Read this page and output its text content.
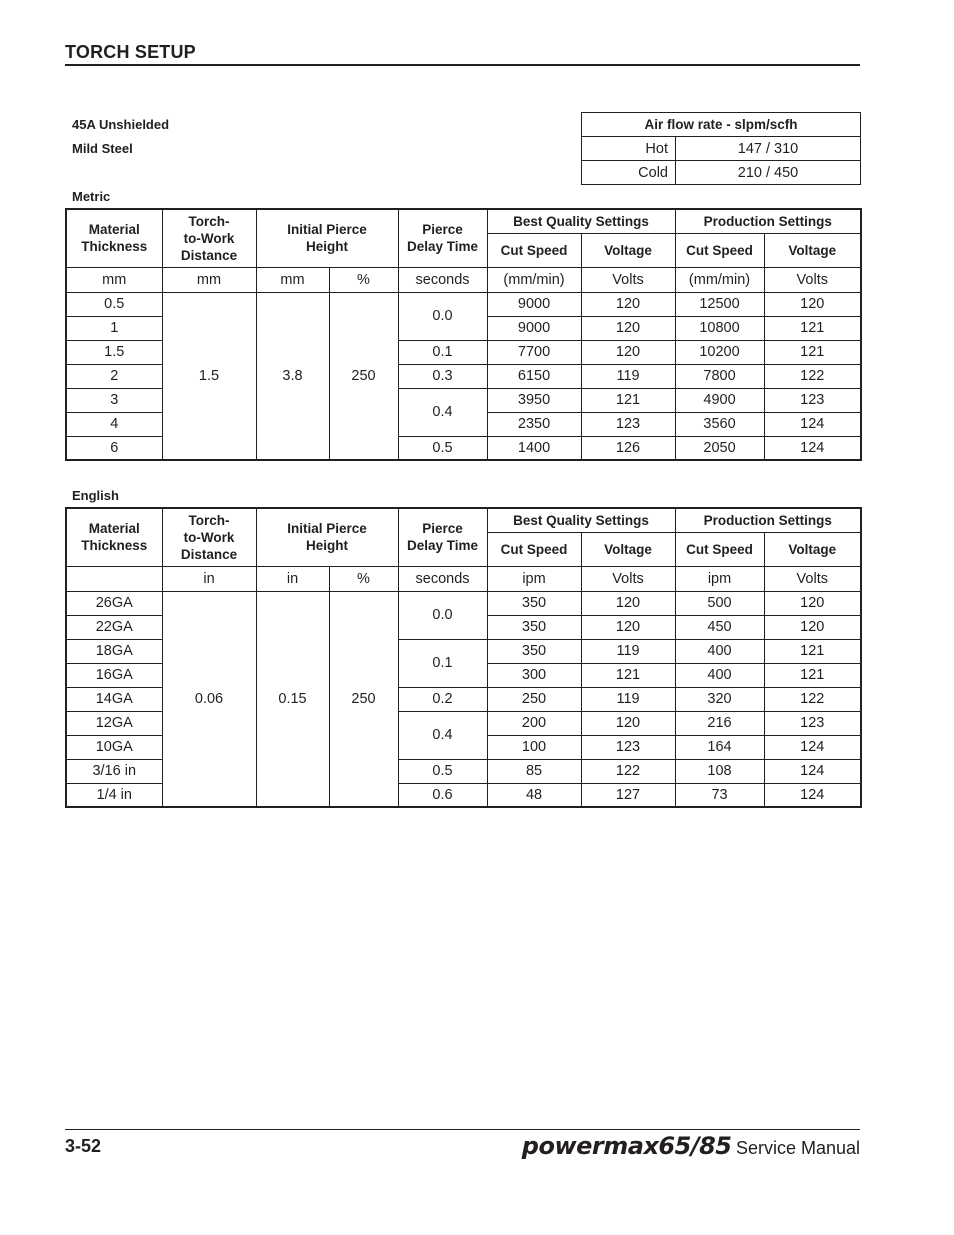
TORCH SETUP
45A Unshielded
Mild Steel
Air flow rate - slpm/scfh	
Hot	147 / 310
Cold	210 / 450
Metric
Material Thickness	Torch-
to-Work
Distance	Initial Pierce
Height		Pierce
Delay Time	Best Quality Settings		Production Settings	
					Cut Speed	Voltage	Cut Speed	Voltage
mm	mm	mm	%	seconds	(mm/min)	Volts	(mm/min)	Volts
0.5	1.5	3.8	250	0.0	9000	120	12500	120
1					9000	120	10800	121
1.5				0.1	7700	120	10200	121
2				0.3	6150	119	7800	122
3				0.4	3950	121	4900	123
4					2350	123	3560	124
6				0.5	1400	126	2050	124
English
Material Thickness	Torch-
to-Work
Distance	Initial Pierce
Height		Pierce
Delay Time	Best Quality Settings		Production Settings	
					Cut Speed	Voltage	Cut Speed	Voltage
	in	in	%	seconds	ipm	Volts	ipm	Volts
26GA	0.06	0.15	250	0.0	350	120	500	120
22GA					350	120	450	120
18GA				0.1	350	119	400	121
16GA					300	121	400	121
14GA				0.2	250	119	320	122
12GA				0.4	200	120	216	123
10GA					100	123	164	124
3/16 in				0.5	85	122	108	124
1/4 in				0.6	48	127	73	124
3-52	powermax65/85 Service Manual
